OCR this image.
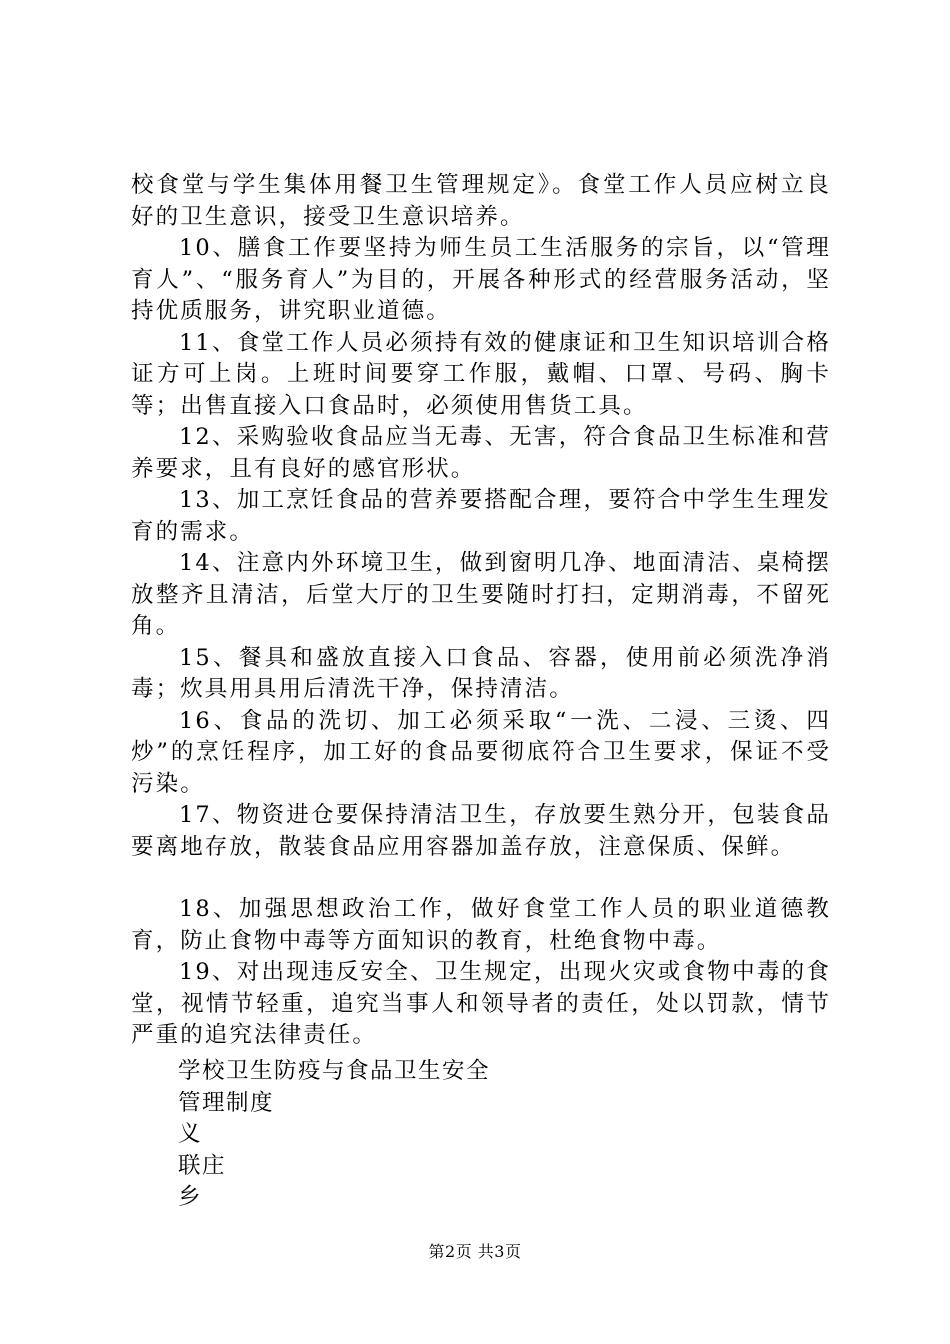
校食堂与学生集体用餐卫生管理规定》。食堂工作人员应树立良好的卫生意识，接受卫生意识培养。

10、膳食工作要坚持为师生员工生活服务的宗旨，以“管理育人”、“服务育人”为目的，开展各种形式的经营服务活动，坚持优质服务，讲究职业道德。

11、食堂工作人员必须持有效的健康证和卫生知识培训合格证方可上岗。上班时间要穿工作服，戴帽、口罩、号码、胸卡等；出售直接入口食品时，必须使用售货工具。

12、采购验收食品应当无毒、无害，符合食品卫生标准和营养要求，且有良好的感官形状。

13、加工烹饪食品的营养要搭配合理，要符合中学生生理发育的需求。

14、注意内外环境卫生，做到窗明几净、地面清洁、桌椅摆放整齐且清洁，后堂大厅的卫生要随时打扫，定期消毒，不留死角。

15、餐具和盛放直接入口食品、容器，使用前必须洗净消毒；炊具用具用后清洗干净，保持清洁。

16、食品的洗切、加工必须采取“一洗、二浸、三烫、四炒”的烹饪程序，加工好的食品要彻底符合卫生要求，保证不受污染。

17、物资进仓要保持清洁卫生，存放要生熟分开，包装食品要离地存放，散装食品应用容器加盖存放，注意保质、保鲜。

18、加强思想政治工作，做好食堂工作人员的职业道德教育，防止食物中毒等方面知识的教育，杜绝食物中毒。

19、对出现违反安全、卫生规定，出现火灾或食物中毒的食堂，视情节轻重，追究当事人和领导者的责任，处以罚款，情节严重的追究法律责任。

学校卫生防疫与食品卫生安全
管理制度
义
联庄
乡
第2页 共3页
